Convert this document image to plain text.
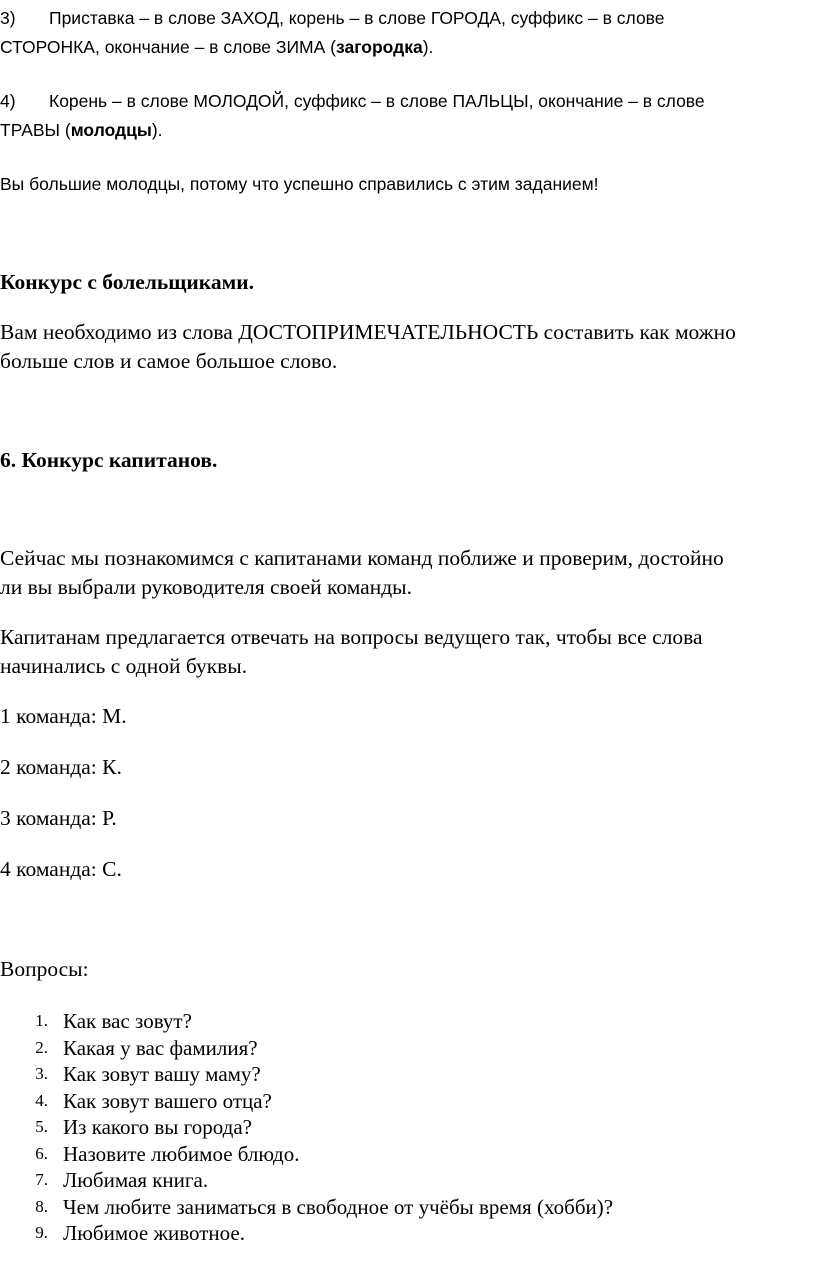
3) Приставка – в слове ЗАХОД, корень – в слове ГОРОДА, суффикс – в слове
СТОРОНКА, окончание – в слове ЗИМА (загородка).
4) Корень – в слове МОЛОДОЙ, суффикс – в слове ПАЛЬЦЫ, окончание – в слове
ТРАВЫ (молодцы).

Вы большие молодцы, потому что успешно справились с этим заданием!

Конкурс с болельщиками.

Вам необходимо из слова ДОСТОПРИМЕЧАТЕЛЬНОСТЬ составить как можно
больше слов и самое большое слово.

6. Конкурс капитанов.

Сейчас мы познакомимся с капитанами команд поближе и проверим, достойно
ли вы выбрали руководителя своей команды.
Капитанам предлагается отвечать на вопросы ведущего так, чтобы все слова
начинались с одной буквы.

1 команда: М.

2 команда: К.

3 команда: Р.

4 команда: С.

Вопросы:

1. Как вас зовут?
2. Какая у вас фамилия?
3. Как зовут вашу маму?
4. Как зовут вашего отца?
5. Из какого вы города?
6. Назовите любимое блюдо.
7. Любимая книга.
8. Чем любите заниматься в свободное от учёбы время (хобби)?
9. Любимое животное.
